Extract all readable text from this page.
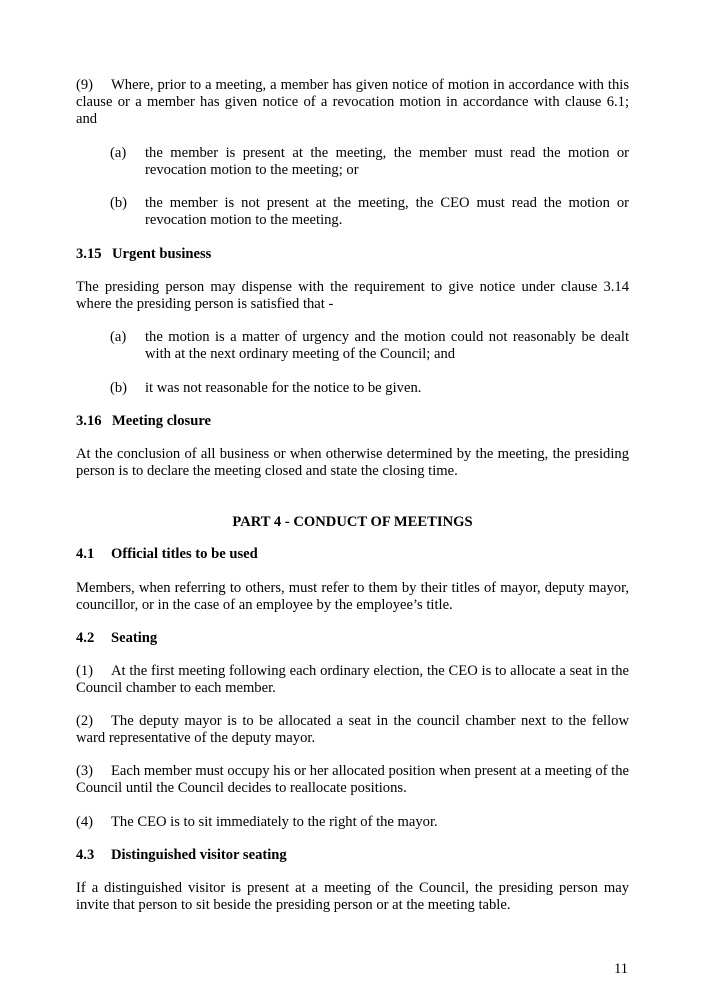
(9) Where, prior to a meeting, a member has given notice of motion in accordance with this clause or a member has given notice of a revocation motion in accordance with clause 6.1; and

(a) the member is present at the meeting, the member must read the motion or revocation motion to the meeting; or

(b) the member is not present at the meeting, the CEO must read the motion or revocation motion to the meeting.

3.15 Urgent business

The presiding person may dispense with the requirement to give notice under clause 3.14 where the presiding person is satisfied that -

(a) the motion is a matter of urgency and the motion could not reasonably be dealt with at the next ordinary meeting of the Council; and

(b) it was not reasonable for the notice to be given.

3.16 Meeting closure

At the conclusion of all business or when otherwise determined by the meeting, the presiding person is to declare the meeting closed and state the closing time.

PART 4 - CONDUCT OF MEETINGS

4.1 Official titles to be used

Members, when referring to others, must refer to them by their titles of mayor, deputy mayor, councillor, or in the case of an employee by the employee’s title.

4.2 Seating

(1) At the first meeting following each ordinary election, the CEO is to allocate a seat in the Council chamber to each member.

(2) The deputy mayor is to be allocated a seat in the council chamber next to the fellow ward representative of the deputy mayor.

(3) Each member must occupy his or her allocated position when present at a meeting of the Council until the Council decides to reallocate positions.

(4) The CEO is to sit immediately to the right of the mayor.

4.3 Distinguished visitor seating

If a distinguished visitor is present at a meeting of the Council, the presiding person may invite that person to sit beside the presiding person or at the meeting table.

11
